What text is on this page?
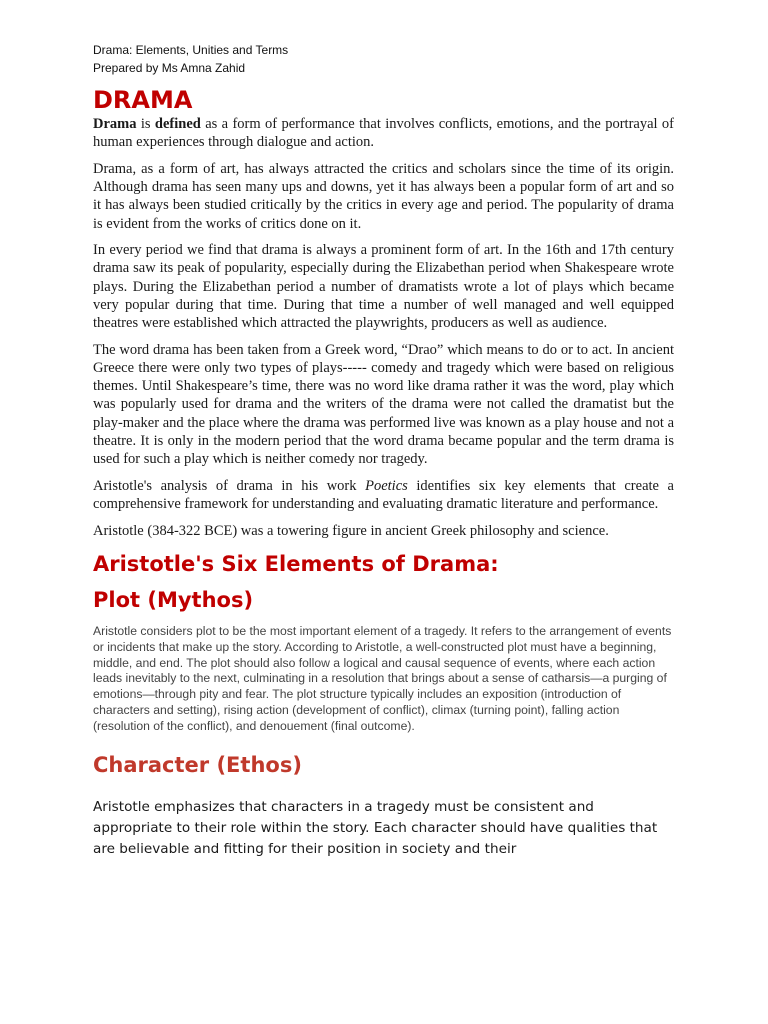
Drama: Elements, Unities and Terms
Prepared by Ms Amna Zahid
DRAMA

Drama is defined as a form of performance that involves conflicts, emotions, and the portrayal of human experiences through dialogue and action.

Drama, as a form of art, has always attracted the critics and scholars since the time of its origin. Although drama has seen many ups and downs, yet it has always been a popular form of art and so it has always been studied critically by the critics in every age and period. The popularity of drama is evident from the works of critics done on it.

In every period we find that drama is always a prominent form of art. In the 16th and 17th century drama saw its peak of popularity, especially during the Elizabethan period when Shakespeare wrote plays. During the Elizabethan period a number of dramatists wrote a lot of plays which became very popular during that time. During that time a number of well managed and well equipped theatres were established which attracted the playwrights, producers as well as audience.

The word drama has been taken from a Greek word, “Drao” which means to do or to act. In ancient Greece there were only two types of plays----- comedy and tragedy which were based on religious themes. Until Shakespeare’s time, there was no word like drama rather it was the word, play which was popularly used for drama and the writers of the drama were not called the dramatist but the play-maker and the place where the drama was performed live was known as a play house and not a theatre. It is only in the modern period that the word drama became popular and the term drama is used for such a play which is neither comedy nor tragedy.

Aristotle's analysis of drama in his work Poetics identifies six key elements that create a comprehensive framework for understanding and evaluating dramatic literature and performance.

Aristotle (384-322 BCE) was a towering figure in ancient Greek philosophy and science.

Aristotle's Six Elements of Drama:
Plot (Mythos)

Aristotle considers plot to be the most important element of a tragedy. It refers to the arrangement of events or incidents that make up the story. According to Aristotle, a well-constructed plot must have a beginning, middle, and end. The plot should also follow a logical and causal sequence of events, where each action leads inevitably to the next, culminating in a resolution that brings about a sense of catharsis—a purging of emotions—through pity and fear. The plot structure typically includes an exposition (introduction of characters and setting), rising action (development of conflict), climax (turning point), falling action (resolution of the conflict), and denouement (final outcome).

Character (Ethos)

Aristotle emphasizes that characters in a tragedy must be consistent and appropriate to their role within the story. Each character should have qualities that are believable and fitting for their position in society and their
